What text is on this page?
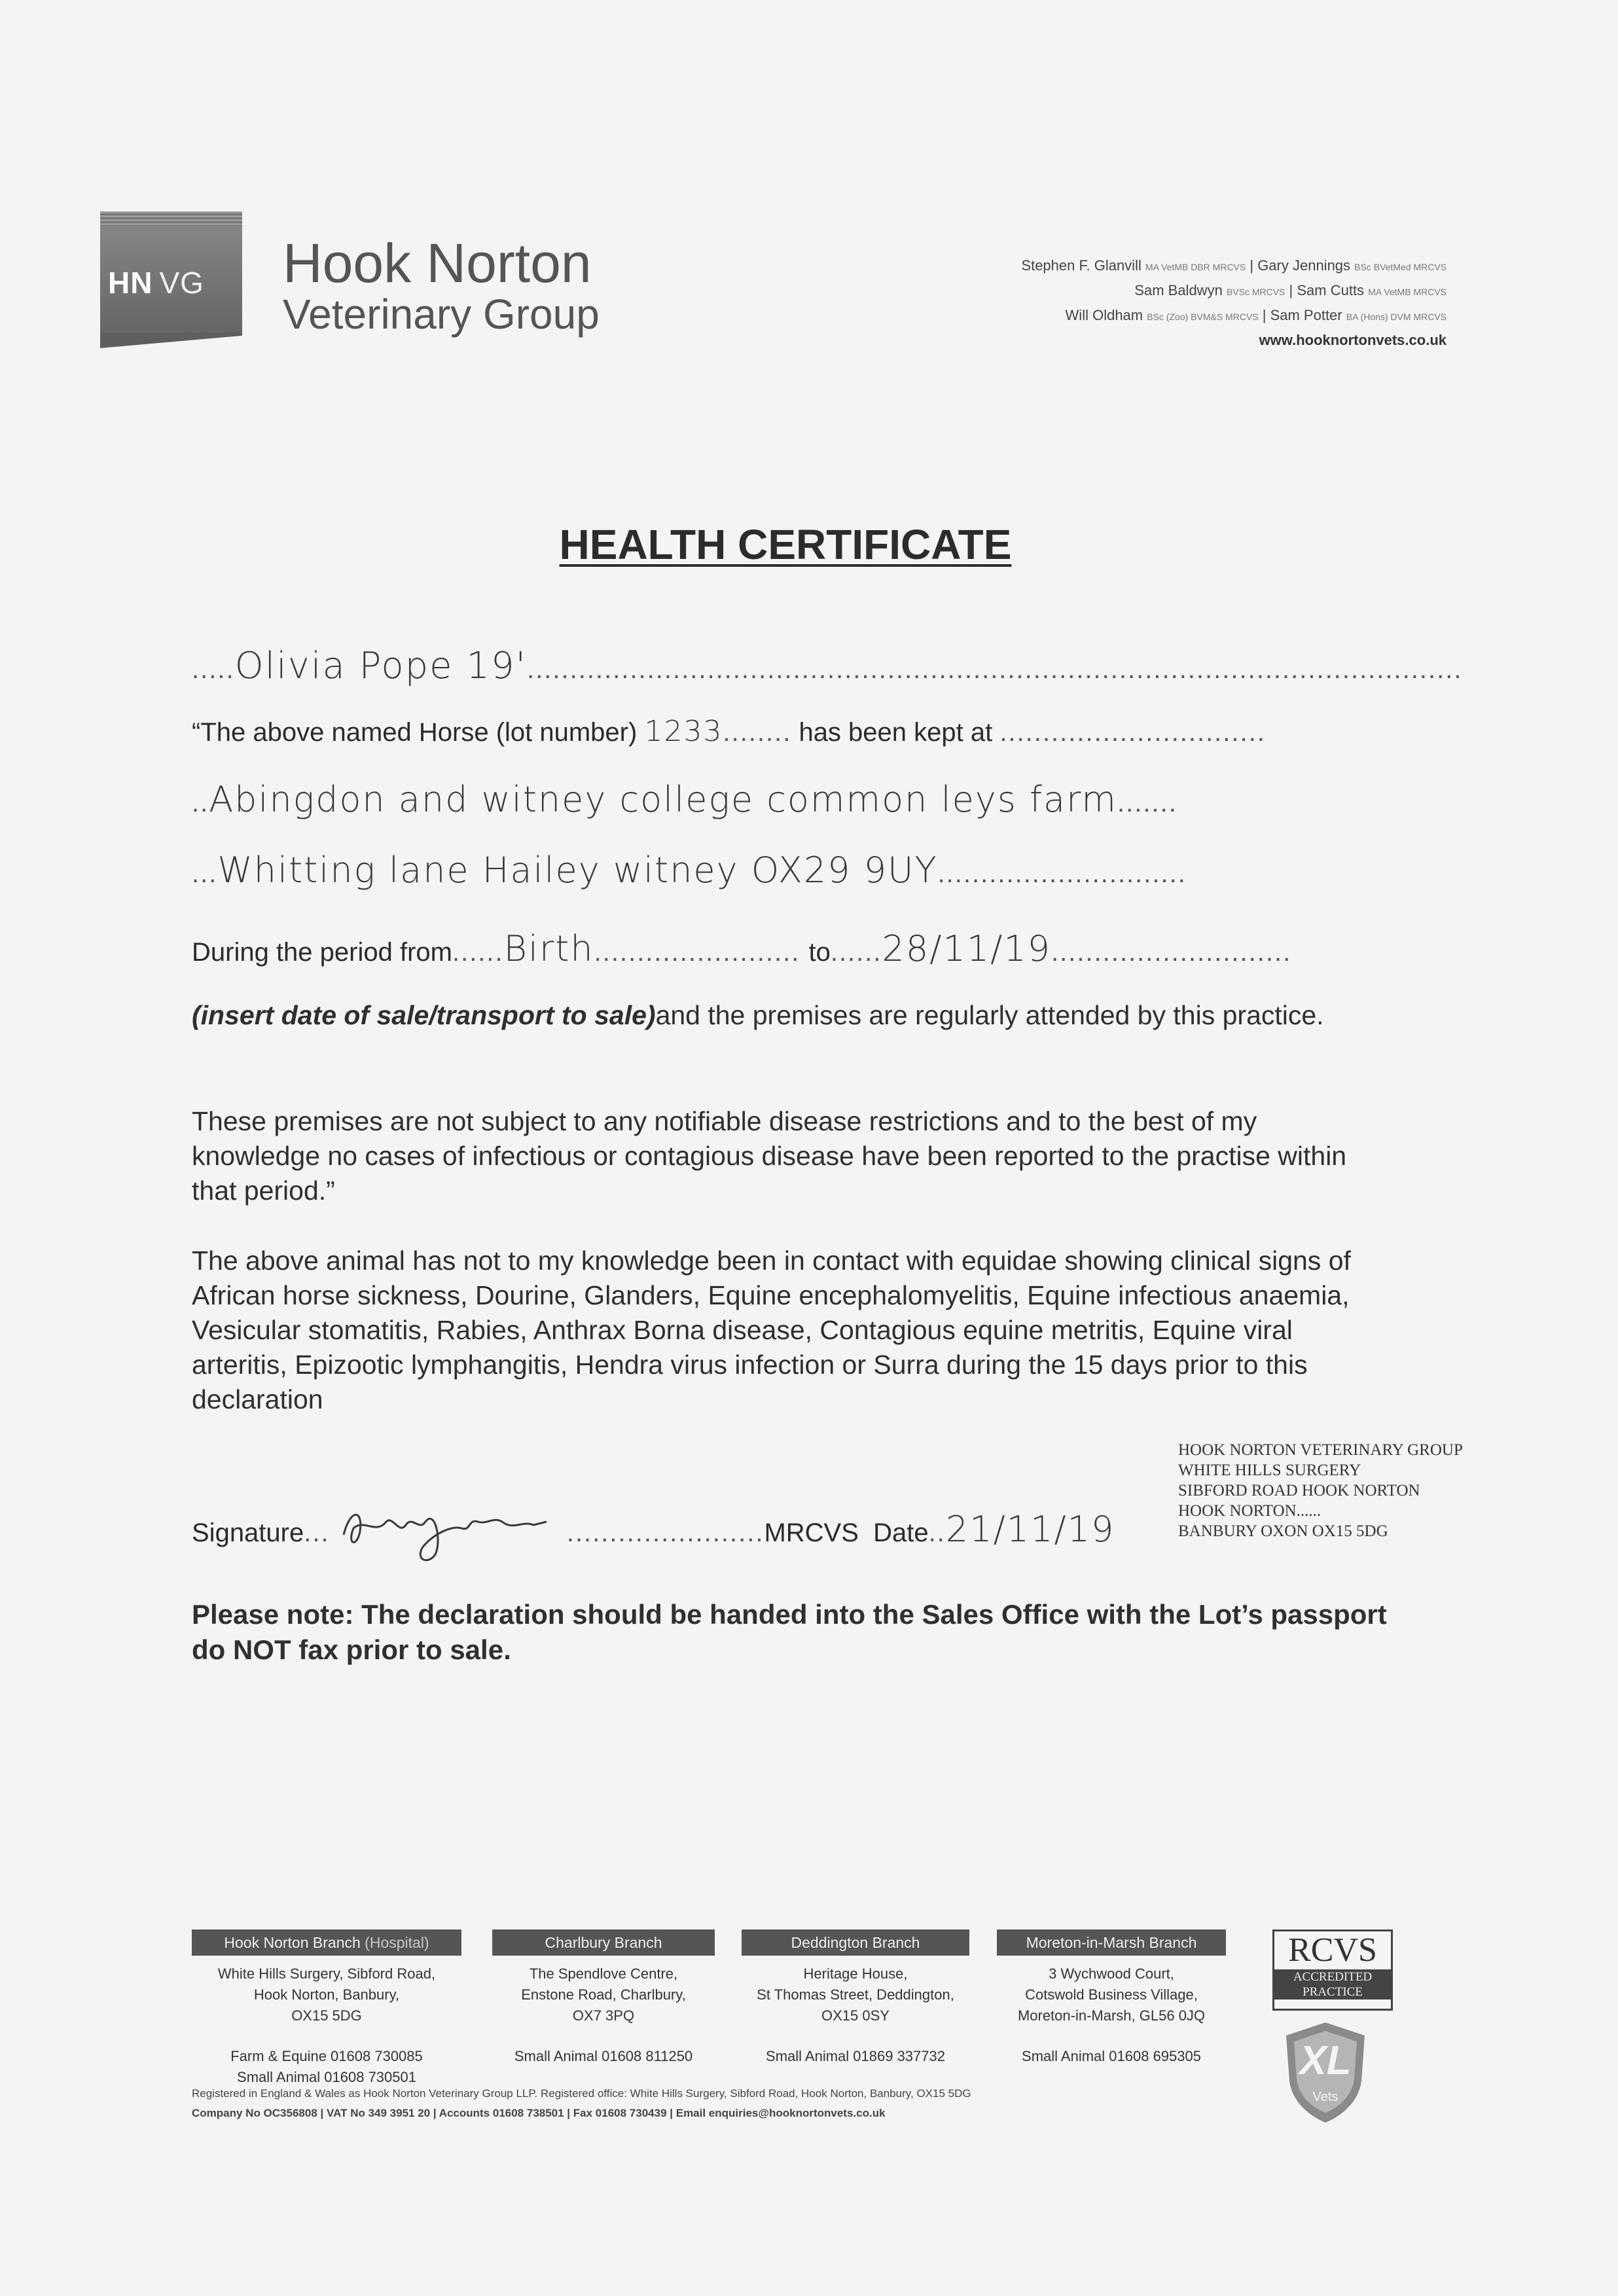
HN VG Hook Norton
Veterinary Group
Stephen F. Glanvill MA VetMB DBR MRCVS | Gary Jennings BSc BVetMed MRCVS
Sam Baldwyn BVSc MRCVS | Sam Cutts MA VetMB MRCVS
Will Oldham BSc (Zoo) BVM&S MRCVS | Sam Potter BA (Hons) DVM MRCVS
www.hooknortonvets.co.uk
HEALTH CERTIFICATE
.....Olivia Pope 19'.............................................................................................................
“The above named Horse (lot number) 1233........ has been kept at ...............................
..Abingdon and witney college common leys farm.......
...Whitting lane Hailey witney OX29 9UY.............................
During the period from......Birth........................ to......28/11/19............................
(insert date of sale/transport to sale)and the premises are regularly attended by this practice.
These premises are not subject to any notifiable disease restrictions and to the best of my knowledge no cases of infectious or contagious disease have been reported to the practise within that period.”
The above animal has not to my knowledge been in contact with equidae showing clinical signs of African horse sickness, Dourine, Glanders, Equine encephalomyelitis, Equine infectious anaemia, Vesicular stomatitis, Rabies, Anthrax Borna disease, Contagious equine metritis, Equine viral arteritis, Epizootic lymphangitis, Hendra virus infection or Surra during the 15 days prior to this declaration
Signature...	.......................MRCVS Date..21/11/19
HOOK NORTON VETERINARY GROUP
WHITE HILLS SURGERY
SIBFORD ROAD HOOK NORTON
HOOK NORTON......
BANBURY OXON OX15 5DG
Please note: The declaration should be handed into the Sales Office with the Lot’s passport do NOT fax prior to sale.
Hook Norton Branch (Hospital)
White Hills Surgery, Sibford Road,
Hook Norton, Banbury,
OX15 5DG
Farm & Equine 01608 730085
Small Animal 01608 730501
Charlbury Branch
The Spendlove Centre,
Enstone Road, Charlbury,
OX7 3PQ
Small Animal 01608 811250
Deddington Branch
Heritage House,
St Thomas Street, Deddington,
OX15 0SY
Small Animal 01869 337732
Moreton-in-Marsh Branch
3 Wychwood Court,
Cotswold Business Village,
Moreton-in-Marsh, GL56 0JQ
Small Animal 01608 695305
RCVS
ACCREDITED PRACTICE
XL
Vets
Registered in England & Wales as Hook Norton Veterinary Group LLP. Registered office: White Hills Surgery, Sibford Road, Hook Norton, Banbury, OX15 5DG
Company No OC356808 | VAT No 349 3951 20 | Accounts 01608 738501 | Fax 01608 730439 | Email enquiries@hooknortonvets.co.uk
